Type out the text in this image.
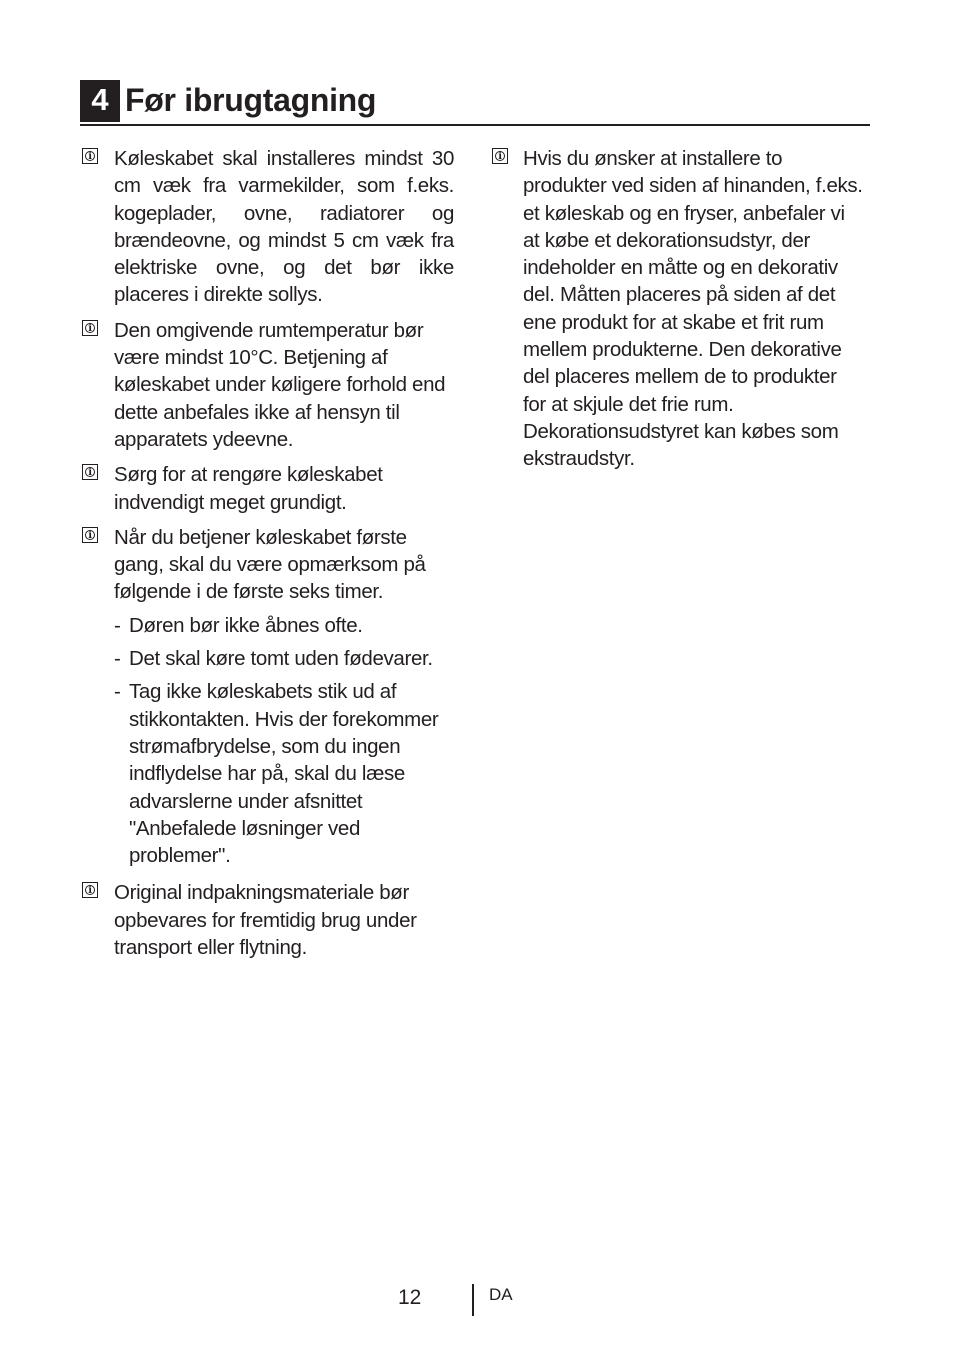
4 Før ibrugtagning
i	Køleskabet skal installeres mindst 30 cm væk fra varmekilder, som f.eks. kogeplader, ovne, radiatorer og brændeovne, og mindst 5 cm væk fra elektriske ovne, og det bør ikke placeres i direkte sollys.
i	Den omgivende rumtemperatur bør være mindst 10°C. Betjening af køleskabet under køligere forhold end dette anbefales ikke af hensyn til apparatets ydeevne.
i	Sørg for at rengøre køleskabet indvendigt meget grundigt.
i	Når du betjener køleskabet første gang, skal du være opmærksom på følgende i de første seks timer.
- Døren bør ikke åbnes ofte.
- Det skal køre tomt uden fødevarer.
- Tag ikke køleskabets stik ud af stikkontakten. Hvis der forekommer strømafbrydelse, som du ingen indflydelse har på, skal du læse advarslerne under afsnittet "Anbefalede løsninger ved problemer".
i	Original indpakningsmateriale bør opbevares for fremtidig brug under transport eller flytning.
i	Hvis du ønsker at installere to produkter ved siden af hinanden, f.eks. et køleskab og en fryser, anbefaler vi at købe et dekorationsudstyr, der indeholder en måtte og en dekorativ del. Måtten placeres på siden af det ene produkt for at skabe et frit rum mellem produkterne. Den dekorative del placeres mellem de to produkter for at skjule det frie rum. Dekorationsudstyret kan købes som ekstraudstyr.
12	DA
